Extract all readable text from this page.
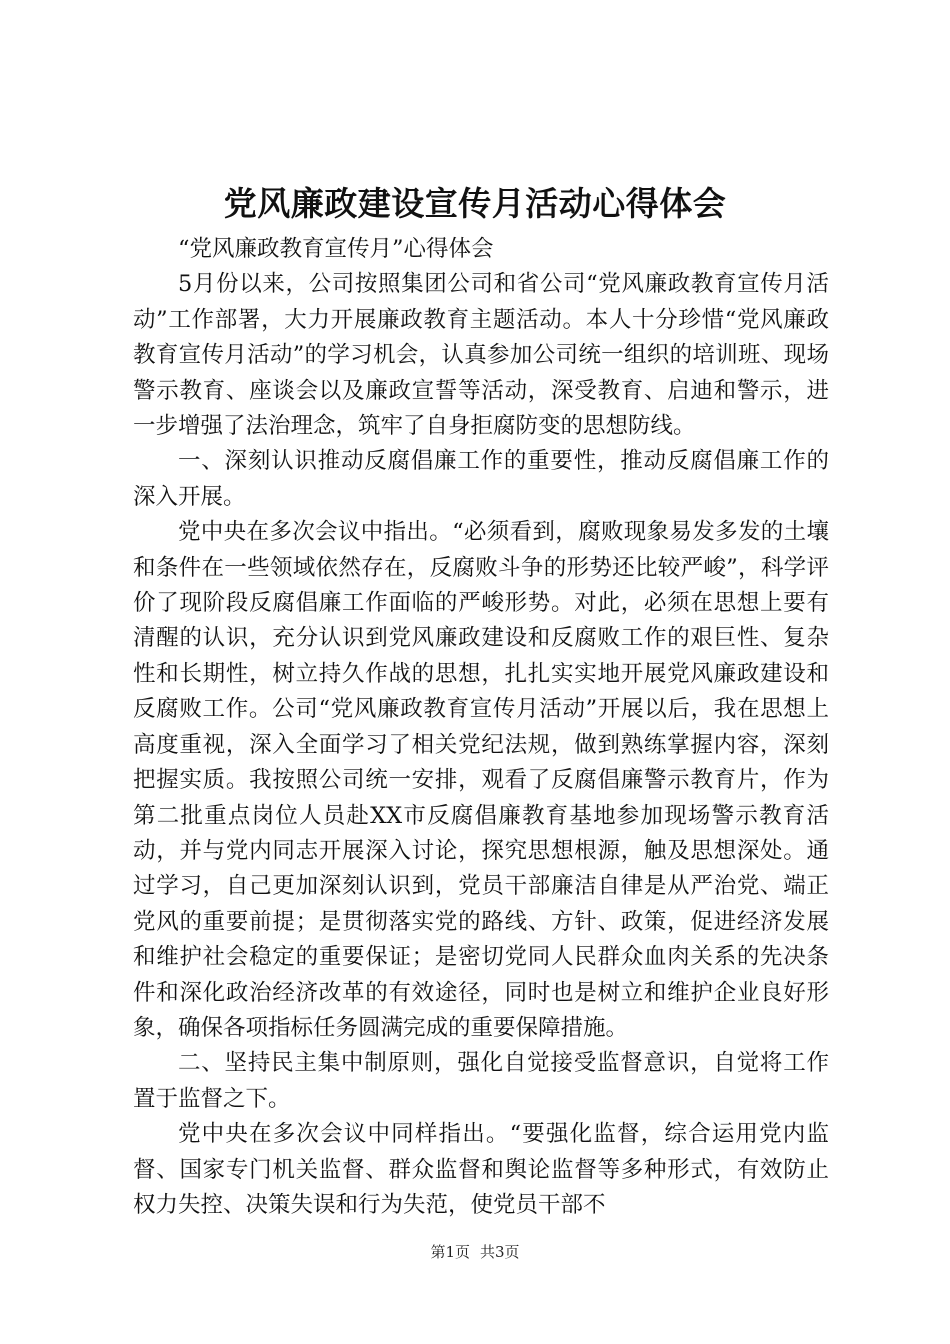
党风廉政建设宣传月活动心得体会

“党风廉政教育宣传月”心得体会

5月份以来，公司按照集团公司和省公司“党风廉政教育宣传月活动”工作部署，大力开展廉政教育主题活动。本人十分珍惜“党风廉政教育宣传月活动”的学习机会，认真参加公司统一组织的培训班、现场警示教育、座谈会以及廉政宣誓等活动，深受教育、启迪和警示，进一步增强了法治理念，筑牢了自身拒腐防变的思想防线。

一、深刻认识推动反腐倡廉工作的重要性，推动反腐倡廉工作的深入开展。

党中央在多次会议中指出。“必须看到，腐败现象易发多发的土壤和条件在一些领域依然存在，反腐败斗争的形势还比较严峻”，科学评价了现阶段反腐倡廉工作面临的严峻形势。对此，必须在思想上要有清醒的认识，充分认识到党风廉政建设和反腐败工作的艰巨性、复杂性和长期性，树立持久作战的思想，扎扎实实地开展党风廉政建设和反腐败工作。公司“党风廉政教育宣传月活动”开展以后，我在思想上高度重视，深入全面学习了相关党纪法规，做到熟练掌握内容，深刻把握实质。我按照公司统一安排，观看了反腐倡廉警示教育片，作为第二批重点岗位人员赴XX市反腐倡廉教育基地参加现场警示教育活动，并与党内同志开展深入讨论，探究思想根源，触及思想深处。通过学习，自己更加深刻认识到，党员干部廉洁自律是从严治党、端正党风的重要前提；是贯彻落实党的路线、方针、政策，促进经济发展和维护社会稳定的重要保证；是密切党同人民群众血肉关系的先决条件和深化政治经济改革的有效途径，同时也是树立和维护企业良好形象，确保各项指标任务圆满完成的重要保障措施。

二、坚持民主集中制原则，强化自觉接受监督意识，自觉将工作置于监督之下。

党中央在多次会议中同样指出。“要强化监督，综合运用党内监督、国家专门机关监督、群众监督和舆论监督等多种形式，有效防止权力失控、决策失误和行为失范，使党员干部不

第1页 共3页
